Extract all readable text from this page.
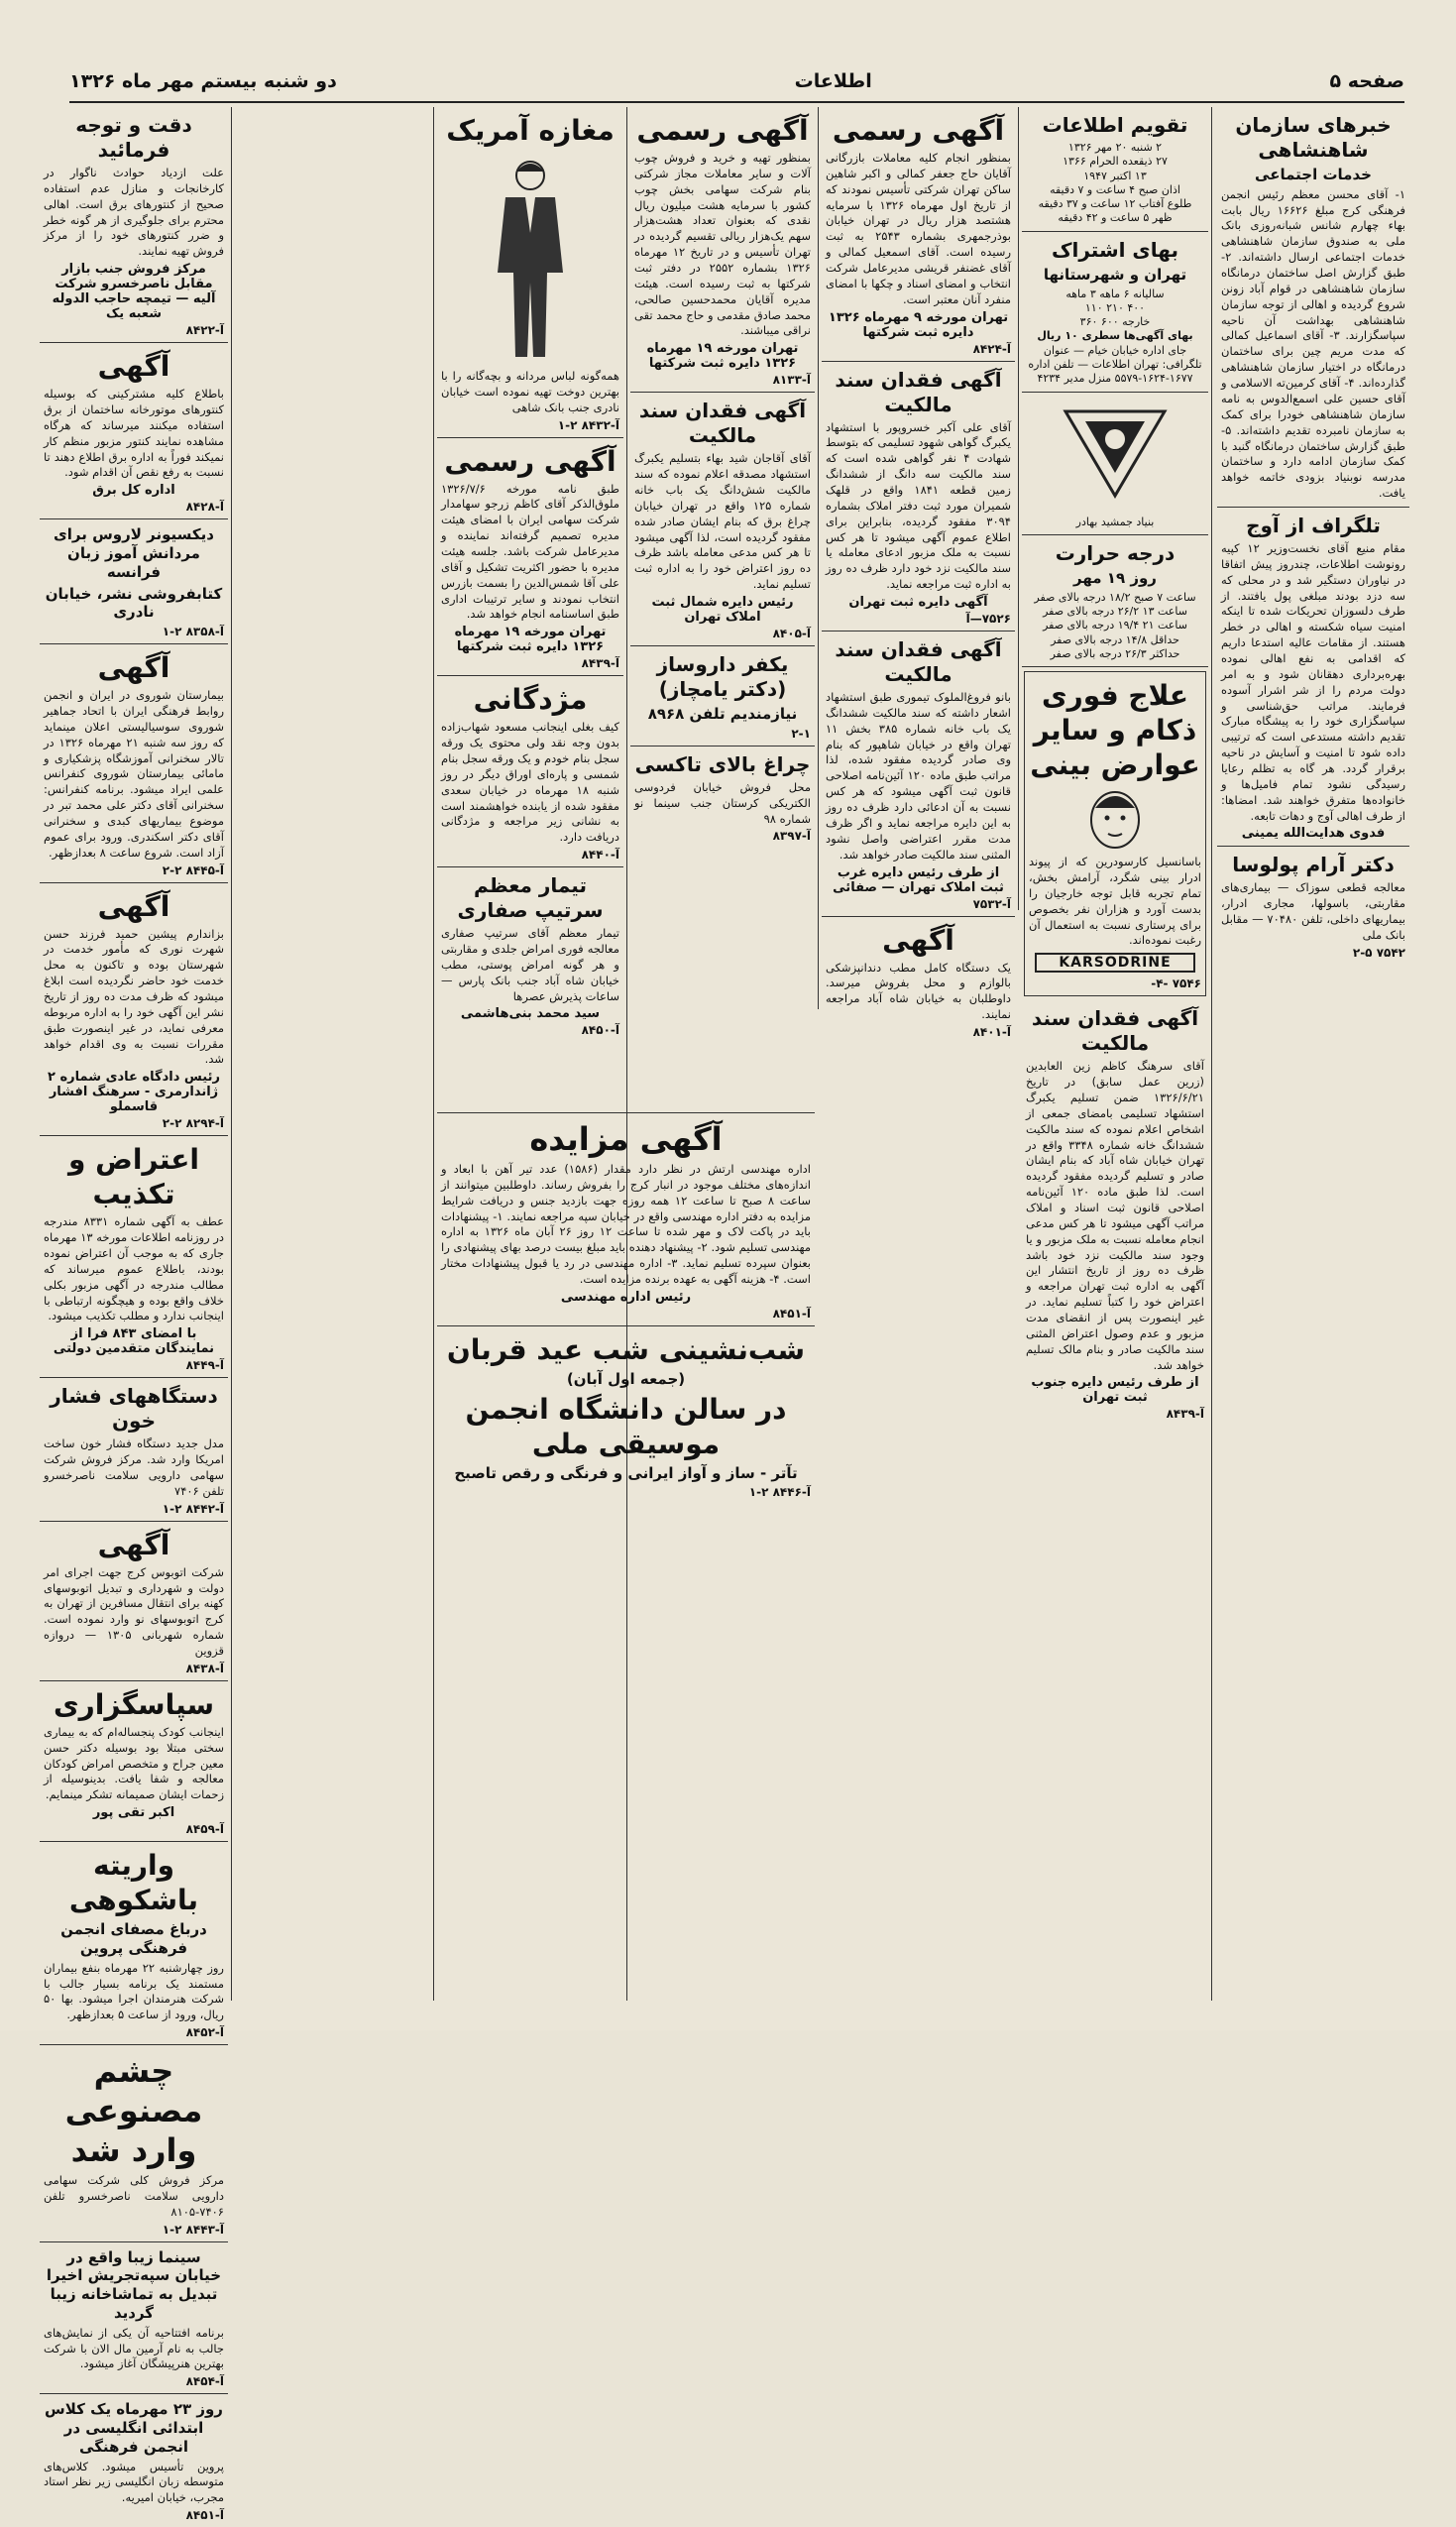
صفحه ۵
اطلاعات
دو شنبه بیستم مهر ماه ۱۳۲۶
خبرهای سازمان شاهنشاهی
خدمات اجتماعی
۱- آقای محسن معظم رئیس انجمن فرهنگی کرج مبلغ ۱۶۶۲۶ ریال بابت بهاء چهارم شانس شبانه‌روزی بانک ملی به صندوق سازمان شاهنشاهی خدمات اجتماعی ارسال داشته‌اند. ۲- طبق گزارش اصل ساختمان درمانگاه سازمان شاهنشاهی در قوام آباد زونن شروع گردیده و اهالی از توجه سازمان شاهنشاهی بهداشت آن ناحیه سپاسگزارند. ۳- آقای اسماعیل کمالی که مدت مریم چین برای ساختمان درمانگاه در اختیار سازمان شاهنشاهی گذارده‌اند. ۴- آقای کرمین‌ته الاسلامی و آقای حسین علی اسمع‌الدوس به نامه سازمان شاهنشاهی خودرا برای کمک به سازمان نامبرده تقدیم داشته‌اند. ۵- طبق گزارش ساختمان درمانگاه گنبد با کمک سازمان ادامه دارد و ساختمان مدرسه نوبنیاد بزودی خاتمه خواهد یافت.
تلگراف از آوج
مقام منیع آقای نخست‌وزیر ۱۲ کپیه رونوشت اطلاعات، چندروز پیش اتفاقا در نیاوران دستگیر شد و در محلی که سه دزد بودند مبلغی پول یافتند. از طرف دلسوزان تحریکات شده تا اینکه امنیت سیاه شکسته و اهالی در خطر هستند. از مقامات عالیه استدعا داریم که اقدامی به نفع اهالی نموده بهره‌برداری دهقانان شود و به امر دولت مردم را از شر اشرار آسوده فرمایند. مراتب حق‌شناسی و سپاسگزاری خود را به پیشگاه مبارک تقدیم داشته مستدعی است که ترتیبی داده شود تا امنیت و آسایش در ناحیه برقرار گردد. هر گاه به تظلم رعایا رسیدگی نشود تمام فامیل‌ها و خانواده‌ها متفرق خواهند شد. امضاها: از طرف اهالی آوج و دهات تابعه.
فدوی هدایت‌الله یمینی
دکتر آرام پولوسا
معالجه قطعی سوزاک — بیماری‌های مقاربتی، باسولها، مجاری ادرار، بیماریهای داخلی، تلفن ۷۰۴۸۰ — مقابل بانک ملی
۷۵۴۲ ۲-۵
تقویم اطلاعات
۲ شنبه ۲۰ مهر ۱۳۲۶
۲۷ ذیقعده الحرام ۱۳۶۶
۱۳ اکتبر ۱۹۴۷
اذان صبح ۴ ساعت و ۷ دقیقه
طلوع آفتاب ۱۲ ساعت و ۳۷ دقیقه
ظهر ۵ ساعت و ۴۲ دقیقه
بهای اشتراک
تهران و شهرستانها
سالیانه ۶ ماهه ۳ ماهه
۴۰۰ ۲۱۰ ۱۱۰
خارجه ۶۰۰ ۳۶۰
بهای آگهی‌ها سطری ۱۰ ریال
جای اداره خیابان خیام — عنوان تلگرافی: تهران اطلاعات — تلفن اداره ۱۶۷۷-۱۶۲۴-۵۵۷۹ منزل مدیر ۴۲۳۴
بنیاد جمشید بهادر
درجه حرارت
روز ۱۹ مهر
ساعت ۷ صبح ۱۸/۲ درجه بالای صفر
ساعت ۱۳ ۲۶/۲ درجه بالای صفر
ساعت ۲۱ ۱۹/۴ درجه بالای صفر
حداقل ۱۴/۸ درجه بالای صفر
حداکثر ۲۶/۳ درجه بالای صفر
علاج فوری ذکام و سایر عوارض بینی
باسانسیل کارسودرین که از پیوند ادرار بینی شگرد، آرامش بخش، تمام تجربه قابل توجه خارجیان را بدست آورد و هزاران نفر بخصوص برای پرستاری نسبت به استعمال آن رغبت نموده‌اند.
KARSODRINE
۷۵۴۶ -۴-
آگهی فقدان سند مالکیت
آقای سرهنگ کاظم زین العابدین (زرین عمل سابق) در تاریخ ۱۳۲۶/۶/۲۱ ضمن تسلیم یکبرگ استشهاد تسلیمی بامضای جمعی از اشخاص اعلام نموده که سند مالکیت ششدانگ خانه شماره ۳۳۴۸ واقع در تهران خیابان شاه آباد که بنام ایشان صادر و تسلیم گردیده مفقود گردیده است. لذا طبق ماده ۱۲۰ آئین‌نامه اصلاحی قانون ثبت اسناد و املاک مراتب آگهی میشود تا هر کس مدعی انجام معامله نسبت به ملک مزبور و یا وجود سند مالکیت نزد خود باشد ظرف ده روز از تاریخ انتشار این آگهی به اداره ثبت تهران مراجعه و اعتراض خود را کتباً تسلیم نماید. در غیر اینصورت پس از انقضای مدت مزبور و عدم وصول اعتراض المثنی سند مالکیت صادر و بنام مالک تسلیم خواهد شد.
از طرف رئیس دایره جنوب ثبت تهران
آ-۸۴۳۹
آگهی رسمی
بمنظور انجام کلیه معاملات بازرگانی آقایان حاج جعفر کمالی و اکبر شاهین ساکن تهران شرکتی تأسیس نمودند که از تاریخ اول مهرماه ۱۳۲۶ با سرمایه هشتصد هزار ریال در تهران خیابان بوذرجمهری بشماره ۲۵۴۳ به ثبت رسیده است. آقای اسمعیل کمالی و آقای غضنفر قریشی مدیرعامل شرکت انتخاب و امضای اسناد و چکها با امضای منفرد آنان معتبر است.
تهران مورخه ۹ مهرماه ۱۳۲۶ دایره ثبت شرکتها
آ-۸۴۲۴
آگهی فقدان سند مالکیت
آقای علی آکبر خسروپور با استشهاد یکبرگ گواهی شهود تسلیمی که بتوسط شهادت ۴ نفر گواهی شده است که سند مالکیت سه دانگ از ششدانگ زمین قطعه ۱۸۴۱ واقع در قلهک شمیران مورد ثبت دفتر املاک بشماره ۳۰۹۴ مفقود گردیده، بنابراین برای اطلاع عموم آگهی میشود تا هر کس نسبت به ملک مزبور ادعای معامله یا سند مالکیت نزد خود دارد ظرف ده روز به اداره ثبت مراجعه نماید.
آگهی دایره ثبت تهران
۷۵۲۶—آ
آگهی فقدان سند مالکیت
بانو فروغ‌الملوک تیموری طبق استشهاد اشعار داشته که سند مالکیت ششدانگ یک باب خانه شماره ۳۸۵ بخش ۱۱ تهران واقع در خیابان شاهپور که بنام وی صادر گردیده مفقود شده، لذا مراتب طبق ماده ۱۲۰ آئین‌نامه اصلاحی قانون ثبت آگهی میشود که هر کس نسبت به آن ادعائی دارد ظرف ده روز به این دایره مراجعه نماید و اگر ظرف مدت مقرر اعتراضی واصل نشود المثنی سند مالکیت صادر خواهد شد.
از طرف رئیس دایره غرب ثبت املاک تهران — صفائی
آ-۷۵۳۲
آگهی
یک دستگاه کامل مطب دندانپزشکی بالوازم و محل بفروش میرسد. داوطلبان به خیابان شاه آباد مراجعه نمایند.
آ-۸۴۰۱
آگهی رسمی
بمنظور تهیه و خرید و فروش چوب آلات و سایر معاملات مجاز شرکتی بنام شرکت سهامی بخش چوب کشور با سرمایه هشت میلیون ریال نقدی که بعنوان تعداد هشت‌هزار سهم یک‌هزار ریالی تقسیم گردیده در تهران تأسیس و در تاریخ ۱۲ مهرماه ۱۳۲۶ بشماره ۲۵۵۲ در دفتر ثبت شرکتها به ثبت رسیده است. هیئت مدیره آقایان محمدحسین صالحی، محمد صادق مقدمی و حاج محمد تقی نراقی میباشند.
تهران مورخه ۱۹ مهرماه ۱۳۲۶ دایره ثبت شرکتها
آ-۸۱۳۳
آگهی فقدان سند مالکیت
آقای آقاجان شید بهاء بتسلیم یکبرگ استشهاد مصدقه اعلام نموده که سند مالکیت شش‌دانگ یک باب خانه شماره ۱۲۵ واقع در تهران خیابان چراغ برق که بنام ایشان صادر شده مفقود گردیده است، لذا آگهی میشود تا هر کس مدعی معامله باشد ظرف ده روز اعتراض خود را به اداره ثبت تسلیم نماید.
رئیس دایره شمال ثبت املاک تهران
آ-۸۴۰۵
یکفر داروساز (دکتر یامچاز)
نیازمندیم تلفن ۸۹۶۸
۲-۱
چراغ بالای تاکسی
محل فروش خیابان فردوسی الکتریکی کرستان جنب سینما نو شماره ۹۸
آ-۸۳۹۷
مغازه آمریک
همه‌گونه لباس مردانه و بچه‌گانه را با بهترین دوخت تهیه نموده است خیابان نادری جنب بانک شاهی
آ-۸۴۳۲ ۲-۱
آگهی رسمی
طبق نامه مورخه ۱۳۲۶/۷/۶ ملوق‌الذکر آقای کاظم زرجو سهامدار شرکت سهامی ایران با امضای هیئت مدیره تصمیم گرفته‌اند نماینده و مدیرعامل شرکت باشد. جلسه هیئت مدیره با حضور اکثریت تشکیل و آقای علی آقا شمس‌الدین را بسمت بازرس انتخاب نمودند و سایر ترتیبات اداری طبق اساسنامه انجام خواهد شد.
تهران مورخه ۱۹ مهرماه ۱۳۲۶ دایره ثبت شرکتها
آ-۸۴۳۹
مژدگانی
کیف بغلی اینجانب مسعود شهاب‌زاده بدون وجه نقد ولی محتوی یک ورقه سجل بنام خودم و یک ورقه سجل بنام شمسی و پاره‌ای اوراق دیگر در روز شنبه ۱۸ مهرماه در خیابان سعدی مفقود شده از یابنده خواهشمند است به نشانی زیر مراجعه و مژدگانی دریافت دارد.
آ-۸۴۴۰
تیمار معظم سرتیپ صفاری
تیمار معظم آقای سرتیپ صفاری معالجه فوری امراض جلدی و مقاربتی و هر گونه امراض پوستی، مطب خیابان شاه آباد جنب بانک پارس — ساعات پذیرش عصرها
سید محمد بنی‌هاشمی
آ-۸۴۵۰
آگهی مزایده
اداره مهندسی ارتش در نظر دارد مقدار (۱۵۸۶) عدد تیر آهن با ابعاد و اندازه‌های مختلف موجود در انبار کرج را بفروش رساند. داوطلبین میتوانند از ساعت ۸ صبح تا ساعت ۱۲ همه روزه جهت بازدید جنس و دریافت شرایط مزایده به دفتر اداره مهندسی واقع در خیابان سپه مراجعه نمایند. ۱- پیشنهادات باید در پاکت لاک و مهر شده تا ساعت ۱۲ روز ۲۶ آبان ماه ۱۳۲۶ به اداره مهندسی تسلیم شود. ۲- پیشنهاد دهنده باید مبلغ بیست درصد بهای پیشنهادی را بعنوان سپرده تسلیم نماید. ۳- اداره مهندسی در رد یا قبول پیشنهادات مختار است. ۴- هزینه آگهی به عهده برنده مزایده است.
رئیس اداره مهندسی
آ-۸۴۵۱
شب‌نشینی شب عید قربان
(جمعه اول آبان)
در سالن دانشگاه انجمن موسیقی ملی
تآتر - ساز و آواز ایرانی و فرنگی و رقص تاصبح
آ-۸۴۴۶ ۲-۱
دقت و توجه فرمائید
علت ازدیاد حوادث ناگوار در کارخانجات و منازل عدم استفاده صحیح از کنتورهای برق است. اهالی محترم برای جلوگیری از هر گونه خطر و ضرر کنتورهای خود را از مرکز فروش تهیه نمایند.
مرکز فروش جنب بازار مقابل ناصرخسرو شرکت آلیه — تیمچه حاجب الدوله شعبه یک
آ-۸۴۲۲
آگهی
باطلاع کلیه مشترکینی که بوسیله کنتورهای موتورخانه ساختمان از برق استفاده میکنند میرساند که هرگاه مشاهده نمایند کنتور مزبور منظم کار نمیکند فوراً به اداره برق اطلاع دهند تا نسبت به رفع نقص آن اقدام شود.
اداره کل برق
آ-۸۴۲۸
دیکسیونر لاروس برای مردانش آموز زبان فرانسه
کتابفروشی نشر، خیابان نادری
آ-۸۳۵۸ ۲-۱
آگهی
بیمارستان شوروی در ایران و انجمن روابط فرهنگی ایران با اتحاد جماهیر شوروی سوسیالیستی اعلان مینماید که روز سه شنبه ۲۱ مهرماه ۱۳۲۶ در تالار سخنرانی آموزشگاه پزشکیاری و مامائی بیمارستان شوروی کنفرانس علمی ایراد میشود. برنامه کنفرانس: سخنرانی آقای دکتر علی محمد تبر در موضوع بیماریهای کبدی و سخنرانی آقای دکتر اسکندری. ورود برای عموم آزاد است. شروع ساعت ۸ بعدازظهر.
آ-۸۴۴۵ ۲-۲
آگهی
بزاندارم پیشین حمید فرزند حسن شهرت نوری که مأمور خدمت در شهرستان بوده و تاکنون به محل خدمت خود حاضر نگردیده است ابلاغ میشود که ظرف مدت ده روز از تاریخ نشر این آگهی خود را به اداره مربوطه معرفی نماید، در غیر اینصورت طبق مقررات نسبت به وی اقدام خواهد شد.
رئیس دادگاه عادی شماره ۲ ژاندارمری - سرهنگ افشار قاسملو
آ-۸۲۹۴ ۲-۲
اعتراض و تکذیب
عطف به آگهی شماره ۸۳۳۱ مندرجه در روزنامه اطلاعات مورخه ۱۳ مهرماه جاری که به موجب آن اعتراض نموده بودند، باطلاع عموم میرساند که مطالب مندرجه در آگهی مزبور بکلی خلاف واقع بوده و هیچگونه ارتباطی با اینجانب ندارد و مطلب تکذیب میشود.
با امضای ۸۴۳ فرا از نمایندگان متقدمین دولتی
آ-۸۴۴۹
دستگاههای فشار خون
مدل جدید دستگاه فشار خون ساخت امریکا وارد شد. مرکز فروش شرکت سهامی دارویی سلامت ناصرخسرو تلفن ۷۴۰۶
آ-۸۴۴۲ ۲-۱
آگهی
شرکت اتوبوس کرج جهت اجرای امر دولت و شهرداری و تبدیل اتوبوسهای کهنه برای انتقال مسافرین از تهران به کرج اتوبوسهای نو وارد نموده است. شماره شهربانی ۱۳۰۵ — دروازه قزوین
آ-۸۴۳۸
سپاسگزاری
اینجانب کودک پنجساله‌ام که به بیماری سختی مبتلا بود بوسیله دکتر حسن معین جراح و متخصص امراض کودکان معالجه و شفا یافت. بدینوسیله از زحمات ایشان صمیمانه تشکر مینمایم.
اکبر تقی پور
آ-۸۴۵۹
واریته باشکوهی
درباغ مصفای انجمن فرهنگی پروین
روز چهارشنبه ۲۲ مهرماه بنفع بیماران مستمند یک برنامه بسیار جالب با شرکت هنرمندان اجرا میشود. بها ۵۰ ریال، ورود از ساعت ۵ بعدازظهر.
آ-۸۴۵۲
چشم مصنوعی وارد شد
مرکز فروش کلی شرکت سهامی دارویی سلامت ناصرخسرو تلفن ۷۴۰۶-۸۱۰۵
آ-۸۴۴۳ ۲-۱
سینما زیبا واقع در خیابان سپه‌تجریش اخیرا تبدیل به تماشاخانه زیبا گردید
برنامه افتتاحیه آن یکی از نمایش‌های جالب به نام آرمین مال الان با شرکت بهترین هنرپیشگان آغاز میشود.
آ-۸۴۵۴
روز ۲۳ مهرماه یک کلاس ابتدائی انگلیسی در انجمن فرهنگی
پروین تأسیس میشود. کلاس‌های متوسطه زبان انگلیسی زیر نظر استاد مجرب، خیابان امیریه.
آ-۸۴۵۱
